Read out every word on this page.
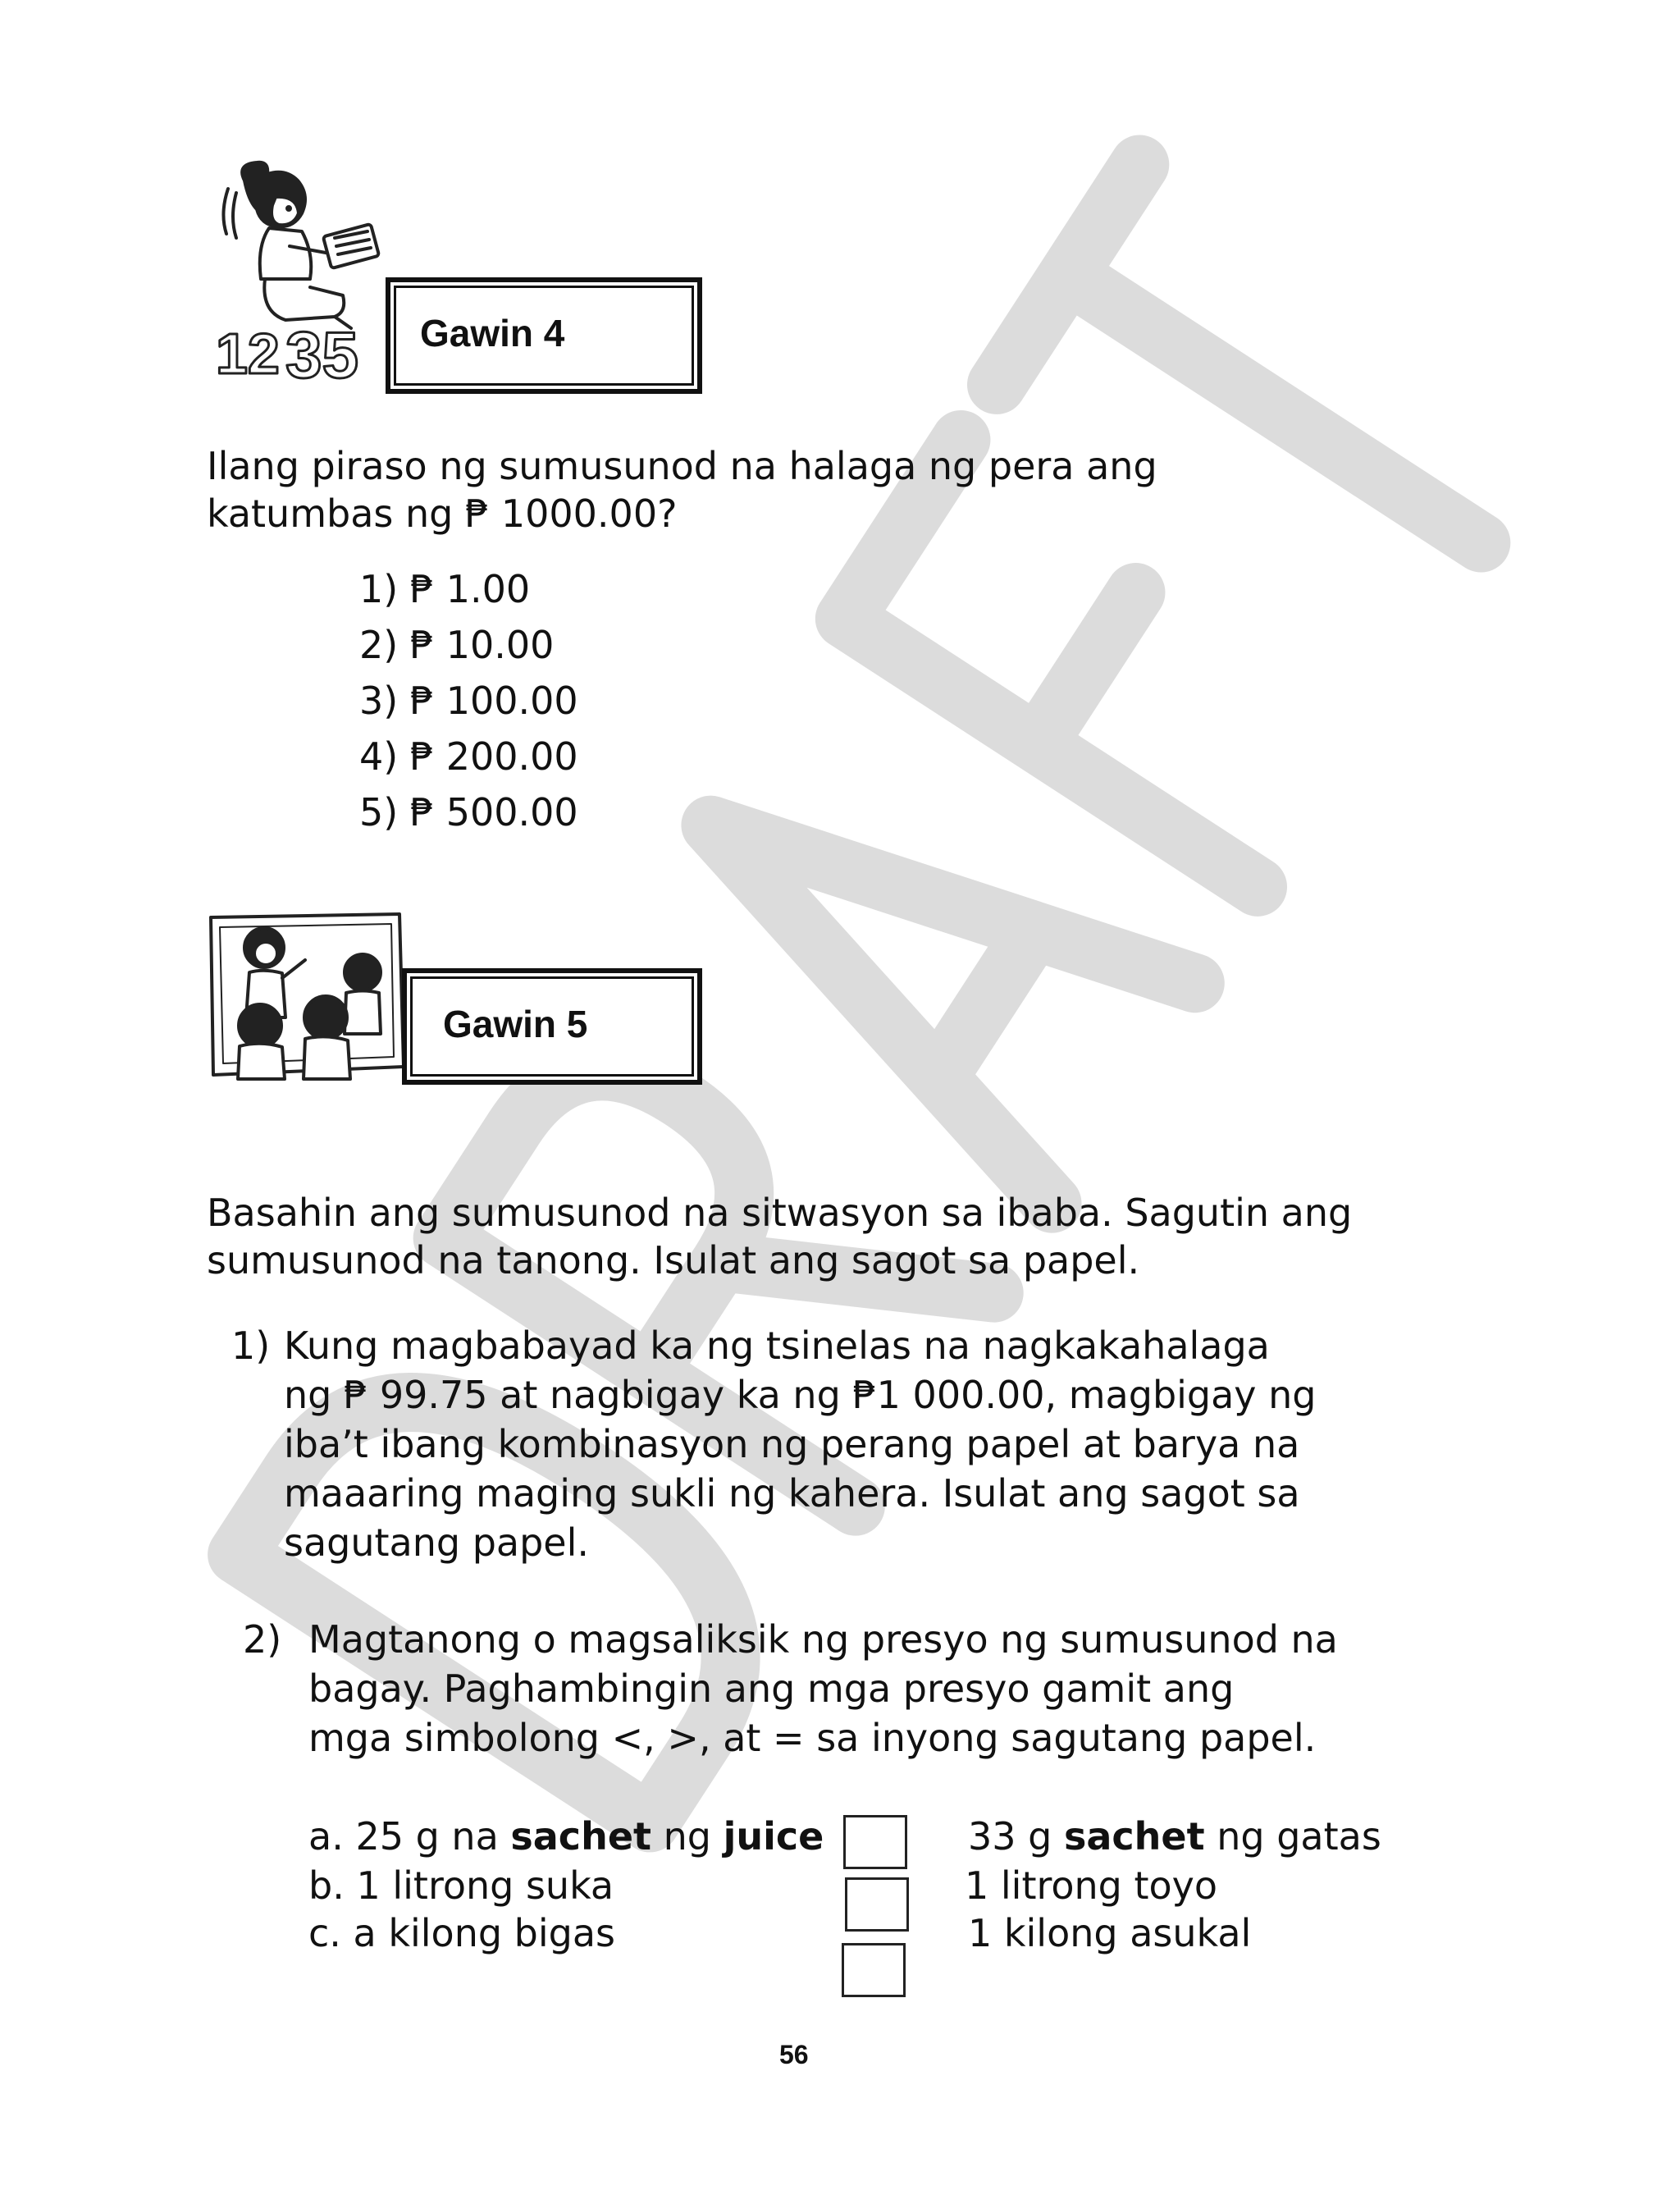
12 35 Gawin 4
Ilang piraso ng sumusunod na halaga ng pera ang
katumbas ng ₱ 1000.00?
1) ₱ 1.00
2) ₱ 10.00
3) ₱ 100.00
4) ₱ 200.00
5) ₱ 500.00
Gawin 5
Basahin ang sumusunod na sitwasyon sa ibaba. Sagutin ang
sumusunod na tanong. Isulat ang sagot sa papel.
1) Kung magbabayad ka ng tsinelas na nagkakahalaga
ng ₱ 99.75 at nagbigay ka ng ₱1 000.00, magbigay ng
iba’t ibang kombinasyon ng perang papel at barya na
maaaring maging sukli ng kahera. Isulat ang sagot sa
sagutang papel.
2) Magtanong o magsaliksik ng presyo ng sumusunod na
bagay. Paghambingin ang mga presyo gamit ang
mga simbolong <, >, at = sa inyong sagutang papel.
a. 25 g na sachet ng juice	33 g sachet ng gatas
b. 1 litrong suka	1 litrong toyo
c. a kilong bigas	1 kilong asukal
56
